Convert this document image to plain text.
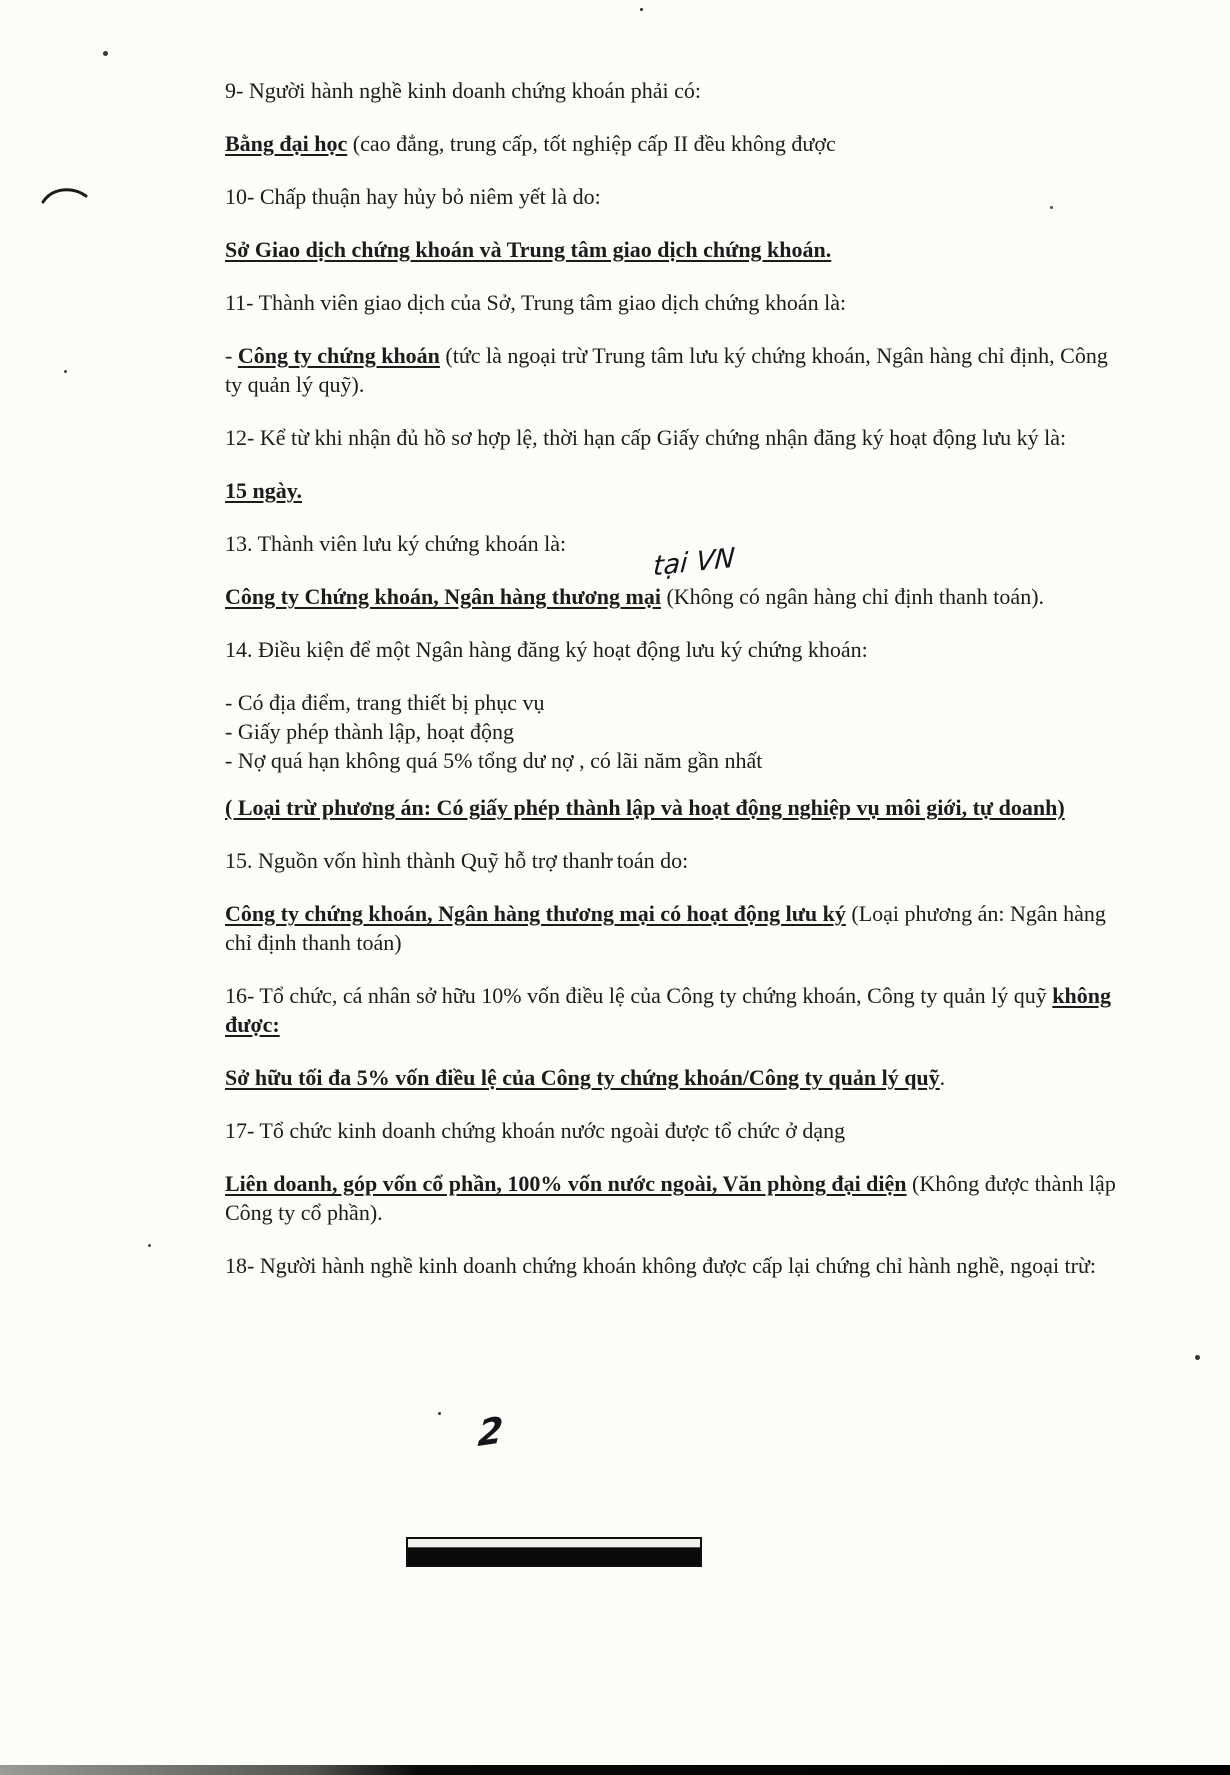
9- Người hành nghề kinh doanh chứng khoán phải có:

Bằng đại học (cao đẳng, trung cấp, tốt nghiệp cấp II đều không được

10- Chấp thuận hay hủy bỏ niêm yết là do:

Sở Giao dịch chứng khoán và Trung tâm giao dịch chứng khoán.

11- Thành viên giao dịch của Sở, Trung tâm giao dịch chứng khoán là:

- Công ty chứng khoán (tức là ngoại trừ Trung tâm lưu ký chứng khoán, Ngân hàng chỉ định, Công ty quản lý quỹ).

12- Kể từ khi nhận đủ hồ sơ hợp lệ, thời hạn cấp Giấy chứng nhận đăng ký hoạt động lưu ký là:

15 ngày.

13. Thành viên lưu ký chứng khoán là:	tại VN
Công ty Chứng khoán, Ngân hàng thương mại (Không có ngân hàng chỉ định thanh toán).

14. Điều kiện để một Ngân hàng đăng ký hoạt động lưu ký chứng khoán:

- Có địa điểm, trang thiết bị phục vụ

- Giấy phép thành lập, hoạt động

- Nợ quá hạn không quá 5% tổng dư nợ , có lãi năm gần nhất

( Loại trừ phương án: Có giấy phép thành lập và hoạt động nghiệp vụ môi giới, tự doanh)

15. Nguồn vốn hình thành Quỹ hỗ trợ thanh toán do:

Công ty chứng khoán, Ngân hàng thương mại có hoạt động lưu ký (Loại phương án: Ngân hàng chỉ định thanh toán)

16- Tổ chức, cá nhân sở hữu 10% vốn điều lệ của Công ty chứng khoán, Công ty quản lý quỹ không được:

Sở hữu tối đa 5% vốn điều lệ của Công ty chứng khoán/Công ty quản lý quỹ.

17- Tổ chức kinh doanh chứng khoán nước ngoài được tổ chức ở dạng

Liên doanh, góp vốn cổ phần, 100% vốn nước ngoài, Văn phòng đại diện (Không được thành lập Công ty cổ phần).

18- Người hành nghề kinh doanh chứng khoán không được cấp lại chứng chỉ hành nghề, ngoại trừ:

2
